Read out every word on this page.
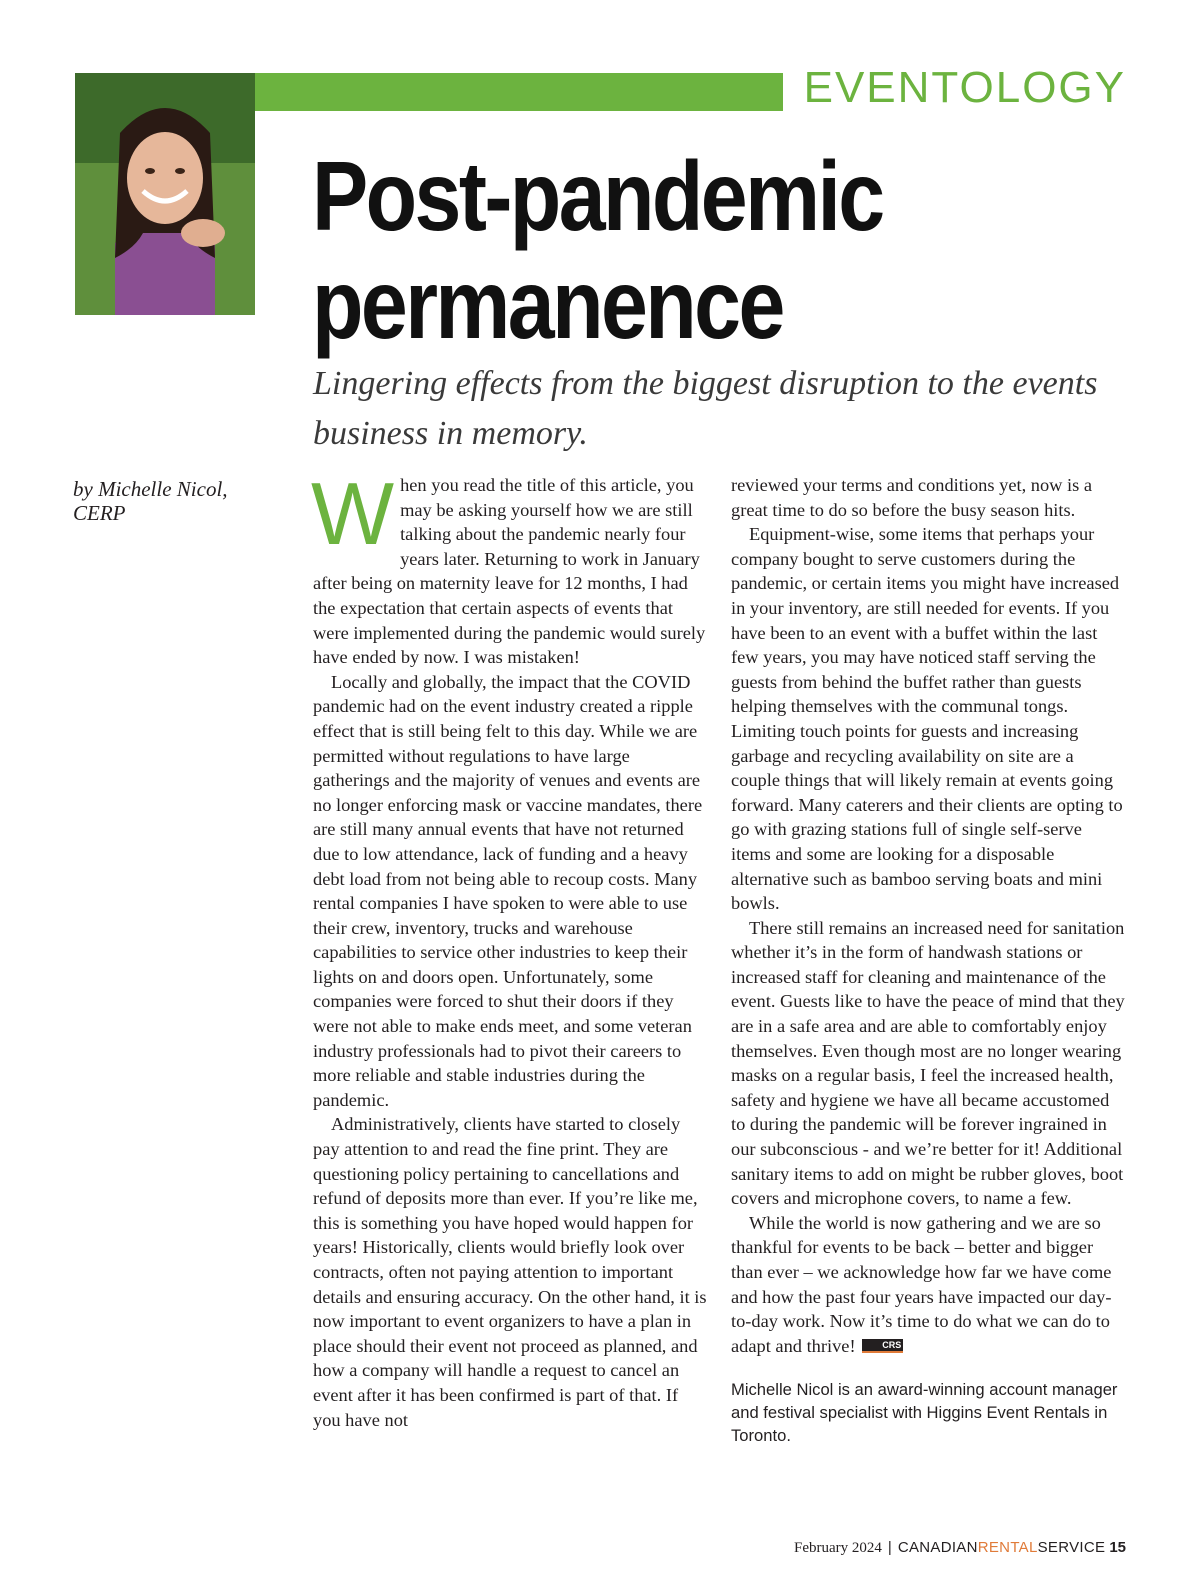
EVENTOLOGY
Post-pandemic permanence

Lingering effects from the biggest disruption to the events business in memory.

by Michelle Nicol, CERP	When you read the title of this article, you may be asking yourself how we are still talking about the pandemic nearly four years later. Returning to work in January after being on maternity leave for 12 months, I had the expectation that certain aspects of events that were implemented during the pandemic would surely have ended by now. I was mistaken!

Locally and globally, the impact that the COVID pandemic had on the event industry created a ripple effect that is still being felt to this day. While we are permitted without regulations to have large gatherings and the majority of venues and events are no longer enforcing mask or vaccine mandates, there are still many annual events that have not returned due to low attendance, lack of funding and a heavy debt load from not being able to recoup costs. Many rental companies I have spoken to were able to use their crew, inventory, trucks and warehouse capabilities to service other industries to keep their lights on and doors open. Unfortunately, some companies were forced to shut their doors if they were not able to make ends meet, and some veteran industry professionals had to pivot their careers to more reliable and stable industries during the pandemic.

Administratively, clients have started to closely pay attention to and read the fine print. They are questioning policy pertaining to cancellations and refund of deposits more than ever. If you’re like me, this is something you have hoped would happen for years! Historically, clients would briefly look over contracts, often not paying attention to important details and ensuring accuracy. On the other hand, it is now important to event organizers to have a plan in place should their event not proceed as planned, and how a company will handle a request to cancel an event after it has been confirmed is part of that. If you have not

reviewed your terms and conditions yet, now is a great time to do so before the busy season hits.

Equipment-wise, some items that perhaps your company bought to serve customers during the pandemic, or certain items you might have increased in your inventory, are still needed for events. If you have been to an event with a buffet within the last few years, you may have noticed staff serving the guests from behind the buffet rather than guests helping themselves with the communal tongs. Limiting touch points for guests and increasing garbage and recycling availability on site are a couple things that will likely remain at events going forward. Many caterers and their clients are opting to go with grazing stations full of single self-serve items and some are looking for a disposable alternative such as bamboo serving boats and mini bowls.

There still remains an increased need for sanitation whether it’s in the form of handwash stations or increased staff for cleaning and maintenance of the event. Guests like to have the peace of mind that they are in a safe area and are able to comfortably enjoy themselves. Even though most are no longer wearing masks on a regular basis, I feel the increased health, safety and hygiene we have all became accustomed to during the pandemic will be forever ingrained in our subconscious - and we’re better for it! Additional sanitary items to add on might be rubber gloves, boot covers and microphone covers, to name a few.

While the world is now gathering and we are so thankful for events to be back – better and bigger than ever – we acknowledge how far we have come and how the past four years have impacted our day-to-day work. Now it’s time to do what we can do to adapt and thrive!	CRS

Michelle Nicol is an award-winning account manager and festival specialist with Higgins Event Rentals in Toronto.

February 2024 | CANADIANRENTALSERVICE 15
